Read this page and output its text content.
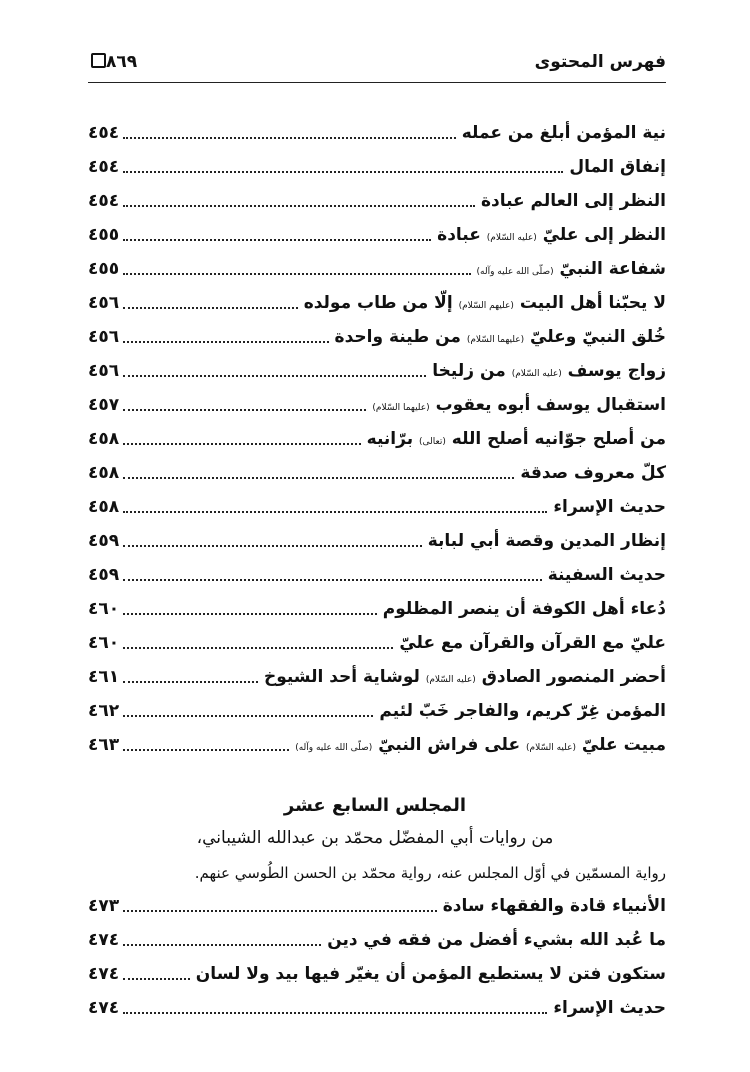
فهرس المحتوى
٨٦٩
نية المؤمن أبلغ من عمله
٤٥٤
إنفاق المال
٤٥٤
النظر إلى العالم عبادة
٤٥٤
النظر إلى عليّ (عليه السّلام) عبادة
٤٥٥
شفاعة النبيّ (صلّى الله عليه وآله)
٤٥٥
لا يحبّنا أهل البيت (عليهم السّلام) إلّا من طاب مولده
٤٥٦
خُلق النبيّ وعليّ (عليهما السّلام) من طينة واحدة
٤٥٦
زواج يوسف (عليه السّلام) من زليخا
٤٥٦
استقبال يوسف أبوه يعقوب (عليهما السّلام)
٤٥٧
من أصلح جوّانيه أصلح الله (تعالى) برّانيه
٤٥٨
كلّ معروف صدقة
٤٥٨
حديث الإسراء
٤٥٨
إنظار المدين وقصة أبي لبابة
٤٥٩
حديث السفينة
٤٥٩
دُعاء أهل الكوفة أن ينصر المظلوم
٤٦٠
عليّ مع القرآن والقرآن مع عليّ
٤٦٠
أحضر المنصور الصادق (عليه السّلام) لوشاية أحد الشيوخ
٤٦١
المؤمن غِرّ كريم، والفاجر خَبّ لئيم
٤٦٢
مبيت عليّ (عليه السّلام) على فراش النبيّ (صلّى الله عليه وآله)
٤٦٣
المجلس السابع عشر
من روايات أبي المفضّل محمّد بن عبدالله الشيباني،
رواية المسمّين في أوّل المجلس عنه، رواية محمّد بن الحسن الطُوسي عنهم.
الأنبياء قادة والفقهاء سادة
٤٧٣
ما عُبد الله بشيء أفضل من فقه في دين
٤٧٤
ستكون فتن لا يستطيع المؤمن أن يغيّر فيها بيد ولا لسان
٤٧٤
حديث الإسراء
٤٧٤
